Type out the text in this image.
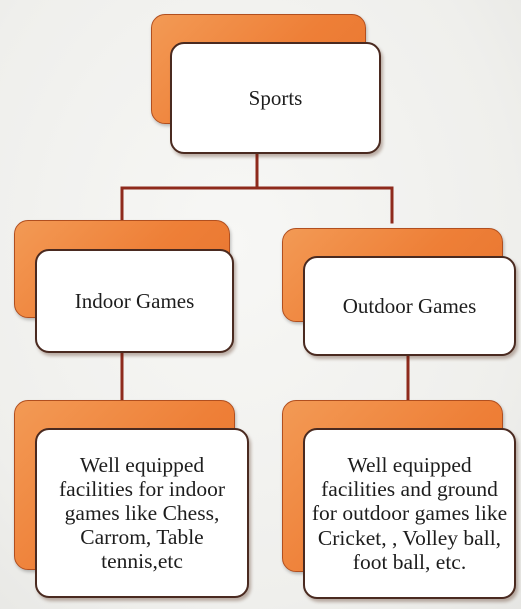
Sports
Indoor Games	Outdoor Games
Well equipped facilities for indoor games like Chess, Carrom, Table tennis,etc
Well equipped facilities and ground for outdoor games like Cricket, , Volley ball, foot ball, etc.
